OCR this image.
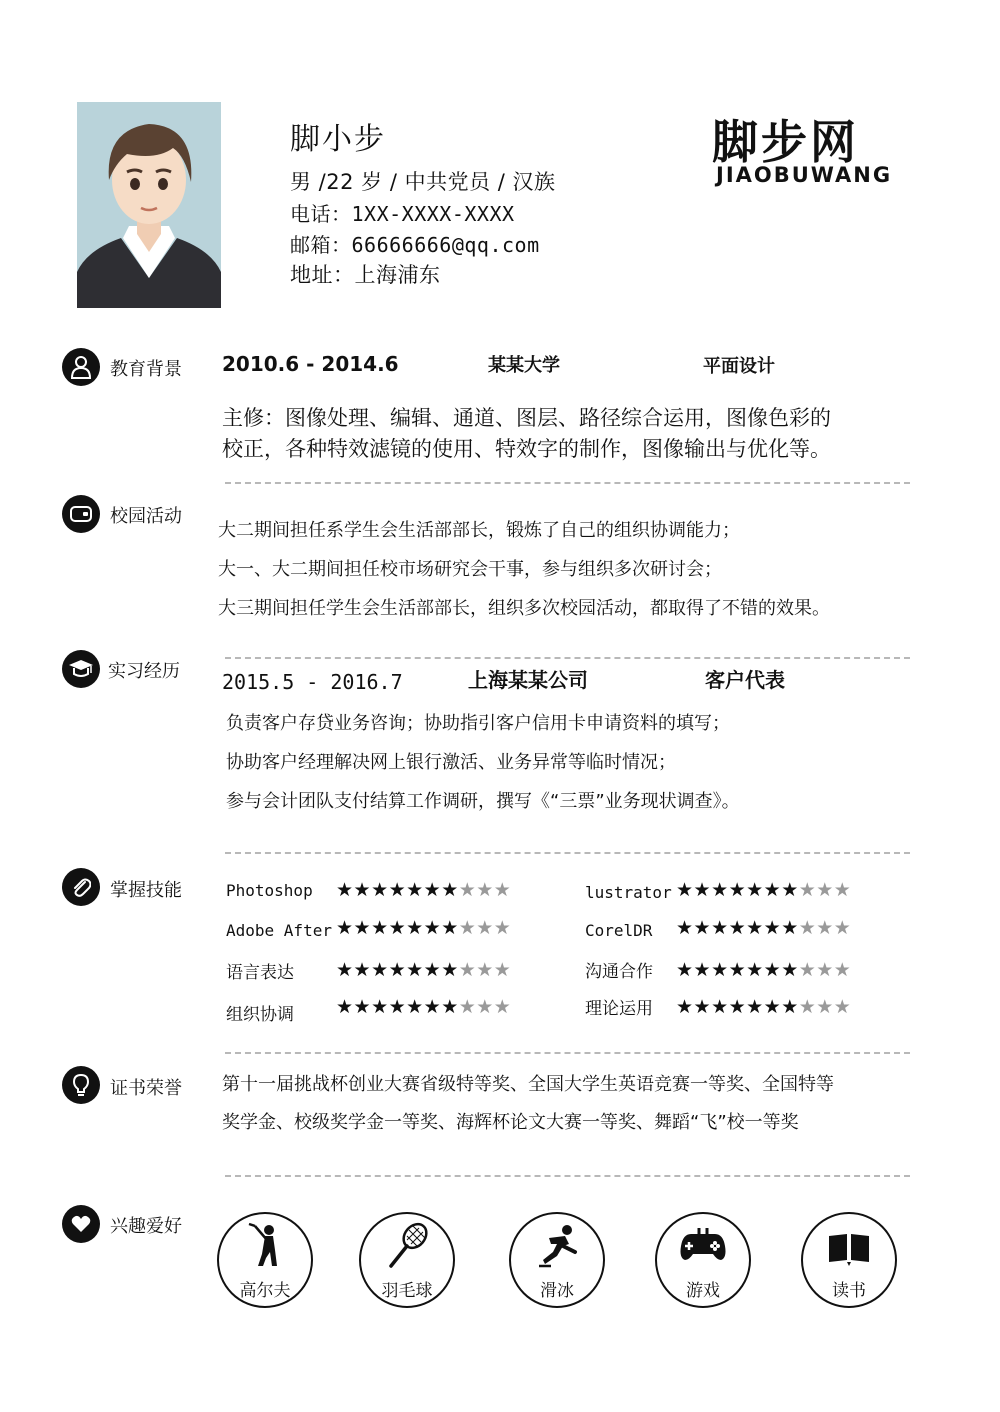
脚小步
男 /22 岁 / 中共党员 / 汉族
电话：1XX-XXXX-XXXX
邮箱：66666666@qq.com
地址：上海浦东
脚步网
JIAOBUWANG
教育背景 2010.6 - 2014.6	某某大学	平面设计
主修：图像处理、编辑、通道、图层、路径综合运用，图像色彩的
校正，各种特效滤镜的使用、特效字的制作，图像输出与优化等。
校园活动
大二期间担任系学生会生活部部长，锻炼了自己的组织协调能力；
大一、大二期间担任校市场研究会干事，参与组织多次研讨会；
大三期间担任学生会生活部部长，组织多次校园活动，都取得了不错的效果。
实习经历 2015.5 - 2016.7	上海某某公司	客户代表
负责客户存贷业务咨询；协助指引客户信用卡申请资料的填写；
协助客户经理解决网上银行激活、业务异常等临时情况；
参与会计团队支付结算工作调研，撰写《“三票”业务现状调查》。
掌握技能	Photoshop ★★★★★★★★★★	lustrator ★★★★★★★★★★
Adobe After ★★★★★★★★★★	CorelDR ★★★★★★★★★★
语言表达 ★★★★★★★★★★	沟通合作 ★★★★★★★★★★
组织协调 ★★★★★★★★★★	理论运用 ★★★★★★★★★★
证书荣誉 第十一届挑战杯创业大赛省级特等奖、全国大学生英语竞赛一等奖、全国特等
奖学金、校级奖学金一等奖、海辉杯论文大赛一等奖、舞蹈“飞”校一等奖
兴趣爱好
高尔夫	羽毛球	滑冰	游戏	读书
